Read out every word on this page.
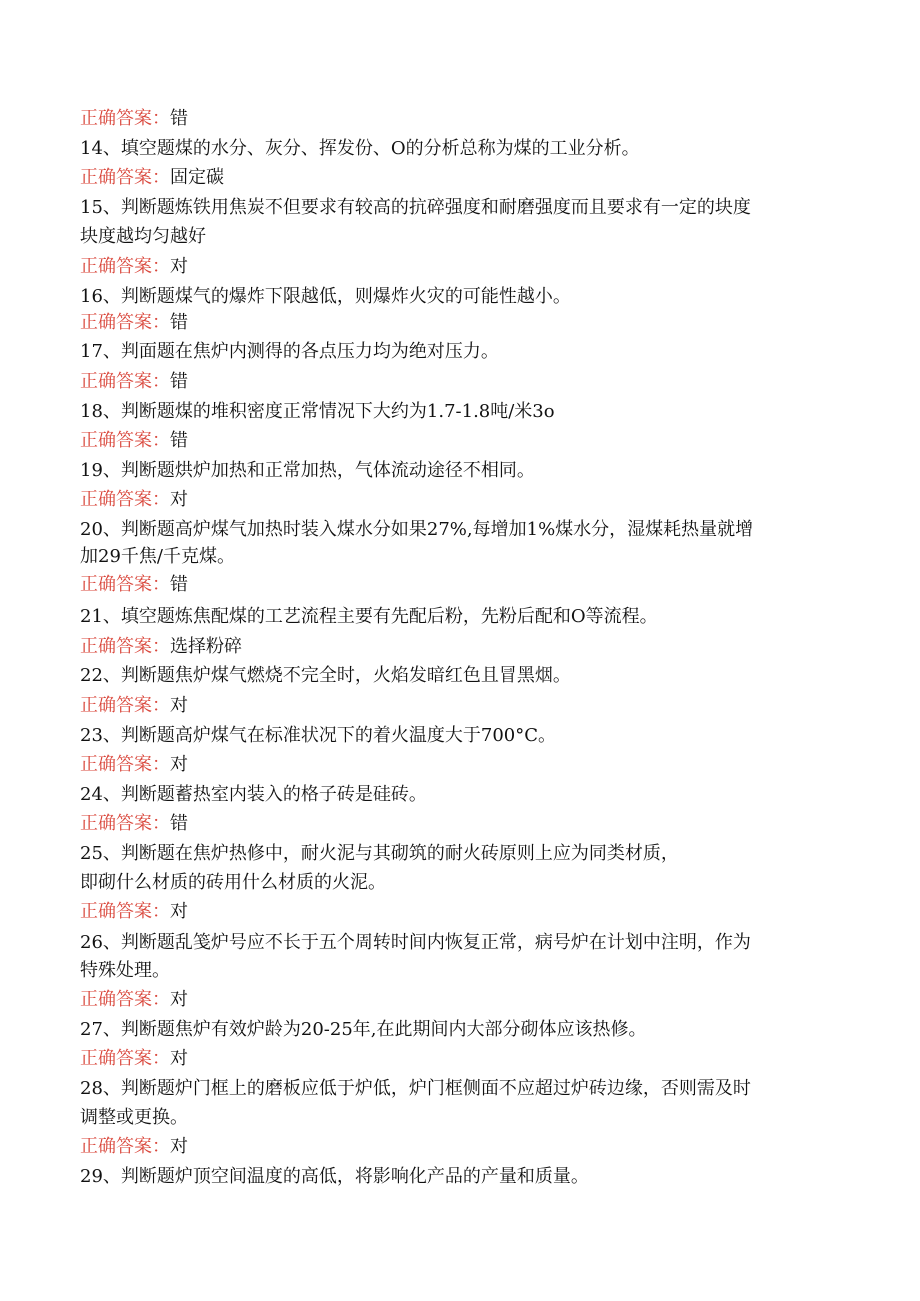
正确答案：错
14、填空题煤的水分、灰分、挥发份、O的分析总称为煤的工业分析。
正确答案：固定碳
15、判断题炼铁用焦炭不但要求有较高的抗碎强度和耐磨强度而且要求有一定的块度
块度越均匀越好
正确答案：对
16、判断题煤气的爆炸下限越低，则爆炸火灾的可能性越小。
正确答案：错
17、判面题在焦炉内测得的各点压力均为绝对压力。
正确答案：错
18、判断题煤的堆积密度正常情况下大约为1.7-1.8吨/米3o
正确答案：错
19、判断题烘炉加热和正常加热，气体流动途径不相同。
正确答案：对
20、判断题高炉煤气加热时装入煤水分如果27%,每增加1%煤水分，湿煤耗热量就增
加29千焦/千克煤。
正确答案：错
21、填空题炼焦配煤的工艺流程主要有先配后粉，先粉后配和O等流程。
正确答案：选择粉碎
22、判断题焦炉煤气燃烧不完全时，火焰发暗红色且冒黑烟。
正确答案：对
23、判断题高炉煤气在标准状况下的着火温度大于700°C。
正确答案：对
24、判断题蓄热室内装入的格子砖是硅砖。
正确答案：错
25、判断题在焦炉热修中，耐火泥与其砌筑的耐火砖原则上应为同类材质，
即砌什么材质的砖用什么材质的火泥。
正确答案：对
26、判断题乱笺炉号应不长于五个周转时间内恢复正常，病号炉在计划中注明，作为
特殊处理。
正确答案：对
27、判断题焦炉有效炉龄为20-25年,在此期间内大部分砌体应该热修。
正确答案：对
28、判断题炉门框上的磨板应低于炉低，炉门框侧面不应超过炉砖边缘，否则需及时
调整或更换。
正确答案：对
29、判断题炉顶空间温度的高低，将影响化产品的产量和质量。
